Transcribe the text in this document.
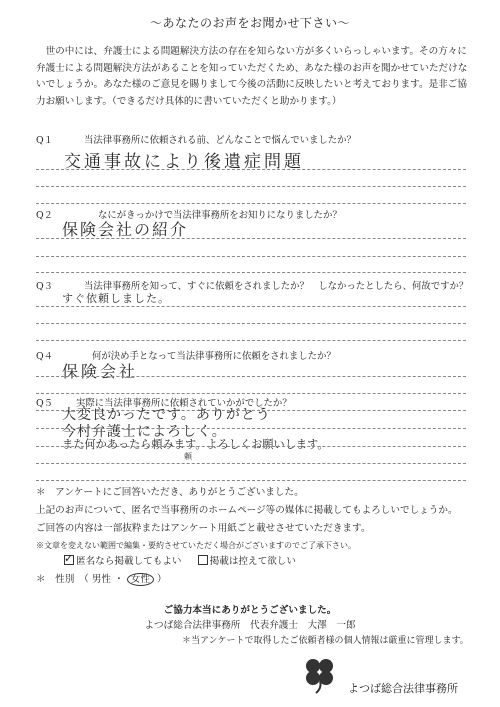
～あなたのお声をお聞かせ下さい～

世の中には、弁護士による問題解決方法の存在を知らない方が多くいらっしゃいます。その方々に弁護士による問題解決方法があることを知っていただくため、あなた様のお声を聞かせていただけないでしょうか。あなた様のご意見を賜りまして今後の活動に反映したいと考えております。是非ご協力お願いします。（できるだけ具体的に書いていただくと助かります。）

Q１	当法律事務所に依頼される前、どんなことで悩んでいましたか？
交通事故により後遺症問題
Q２	なにがきっかけで当法律事務所をお知りになりましたか？
保険会社の紹介
Q３	当法律事務所を知って、すぐに依頼をされましたか？　しなかったとしたら、何故ですか？
すぐ依頼しました。
Q４	何が決め手となって当法律事務所に依頼をされましたか？
保険会社
Q５ 実際に当法律事務所に依頼されていかがでしたか？
大変良かったです。ありがとう
今村弁護士によろしく。
また何かあったら頼みます。よろしくお願いします。
頼
＊　アンケートにご回答いただき、ありがとうございました。
上記のお声について、匿名で当事務所のホームページ等の媒体に掲載してもよろしいでしょうか。
ご回答の内容は一部抜粋またはアンケート用紙ごと載せさせていただきます。
※文章を変えない範囲で編集・要約させていただく場合がございますのでご了承下さい。
✓ 匿名なら掲載してもよい	掲載は控えて欲しい
＊　性別　（ 男性 ・ 女性 ）
ご協力本当にありがとうございました。
よつば総合法律事務所　代表弁護士　大澤　一郎
＊当アンケートで取得したご依頼者様の個人情報は厳重に管理します。
よつば総合法律事務所
